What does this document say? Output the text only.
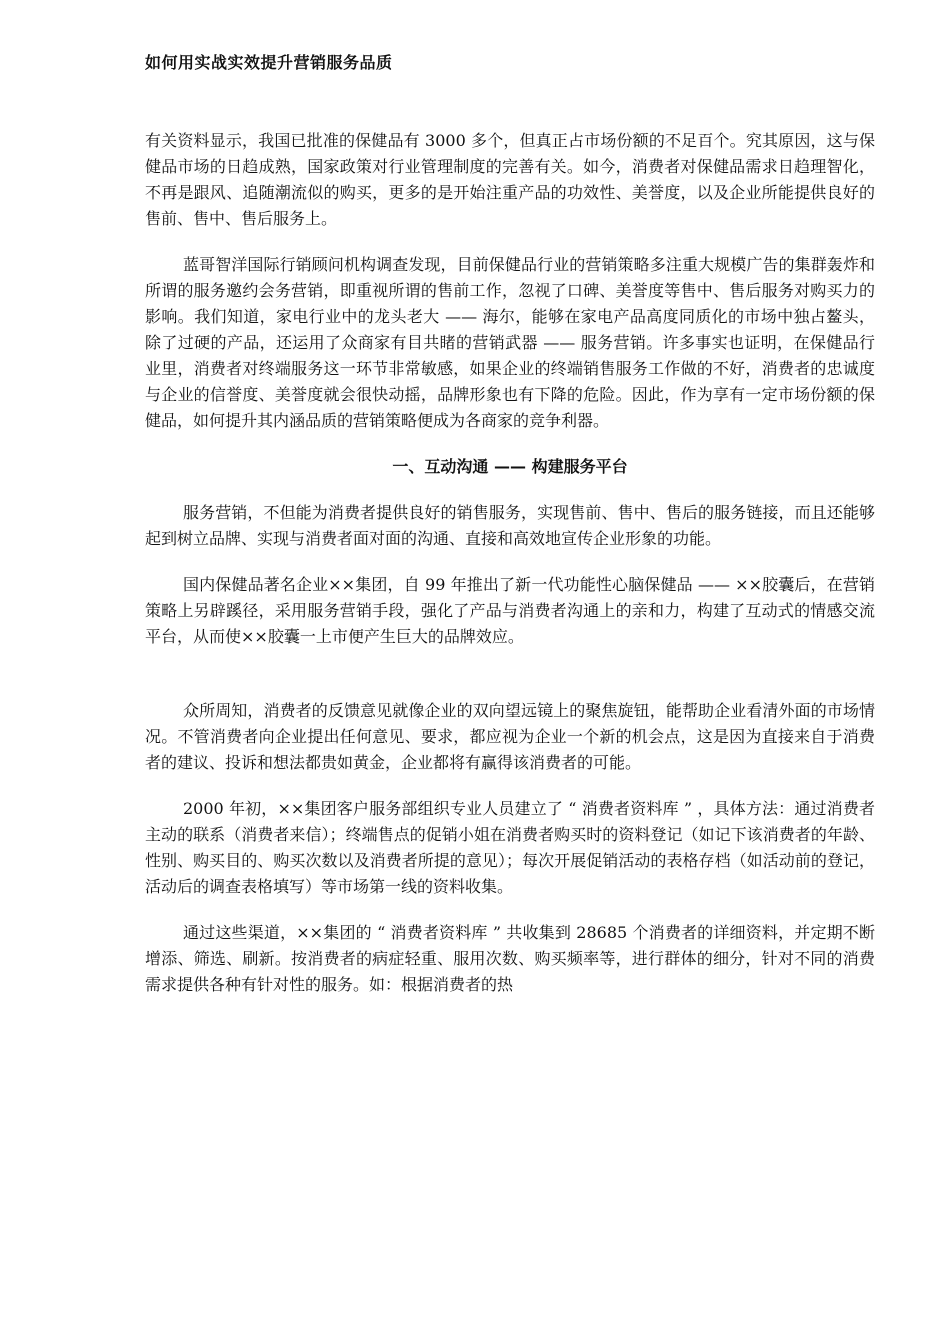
如何用实战实效提升营销服务品质

有关资料显示，我国已批准的保健品有 3000 多个，但真正占市场份额的不足百个。究其原因，这与保健品市场的日趋成熟，国家政策对行业管理制度的完善有关。如今，消费者对保健品需求日趋理智化，不再是跟风、追随潮流似的购买，更多的是开始注重产品的功效性、美誉度，以及企业所能提供良好的售前、售中、售后服务上。

蓝哥智洋国际行销顾问机构调查发现，目前保健品行业的营销策略多注重大规模广告的集群轰炸和所谓的服务邀约会务营销，即重视所谓的售前工作，忽视了口碑、美誉度等售中、售后服务对购买力的影响。我们知道，家电行业中的龙头老大 —— 海尔，能够在家电产品高度同质化的市场中独占鳌头，除了过硬的产品，还运用了众商家有目共睹的营销武器 —— 服务营销。许多事实也证明，在保健品行业里，消费者对终端服务这一环节非常敏感，如果企业的终端销售服务工作做的不好，消费者的忠诚度与企业的信誉度、美誉度就会很快动摇，品牌形象也有下降的危险。因此，作为享有一定市场份额的保健品，如何提升其内涵品质的营销策略便成为各商家的竞争利器。

一、互动沟通 —— 构建服务平台

服务营销，不但能为消费者提供良好的销售服务，实现售前、售中、售后的服务链接，而且还能够起到树立品牌、实现与消费者面对面的沟通、直接和高效地宣传企业形象的功能。

国内保健品著名企业××集团，自 99 年推出了新一代功能性心脑保健品 —— ××胶囊后，在营销策略上另辟蹊径，采用服务营销手段，强化了产品与消费者沟通上的亲和力，构建了互动式的情感交流平台，从而使××胶囊一上市便产生巨大的品牌效应。

众所周知，消费者的反馈意见就像企业的双向望远镜上的聚焦旋钮，能帮助企业看清外面的市场情况。不管消费者向企业提出任何意见、要求，都应视为企业一个新的机会点，这是因为直接来自于消费者的建议、投诉和想法都贵如黄金，企业都将有赢得该消费者的可能。

2000 年初，××集团客户服务部组织专业人员建立了 “ 消费者资料库 ” ，具体方法：通过消费者主动的联系（消费者来信）；终端售点的促销小姐在消费者购买时的资料登记（如记下该消费者的年龄、性别、购买目的、购买次数以及消费者所提的意见）；每次开展促销活动的表格存档（如活动前的登记，活动后的调查表格填写）等市场第一线的资料收集。

通过这些渠道，××集团的 “ 消费者资料库 ” 共收集到 28685 个消费者的详细资料，并定期不断增添、筛选、刷新。按消费者的病症轻重、服用次数、购买频率等，进行群体的细分，针对不同的消费需求提供各种有针对性的服务。如：根据消费者的热
